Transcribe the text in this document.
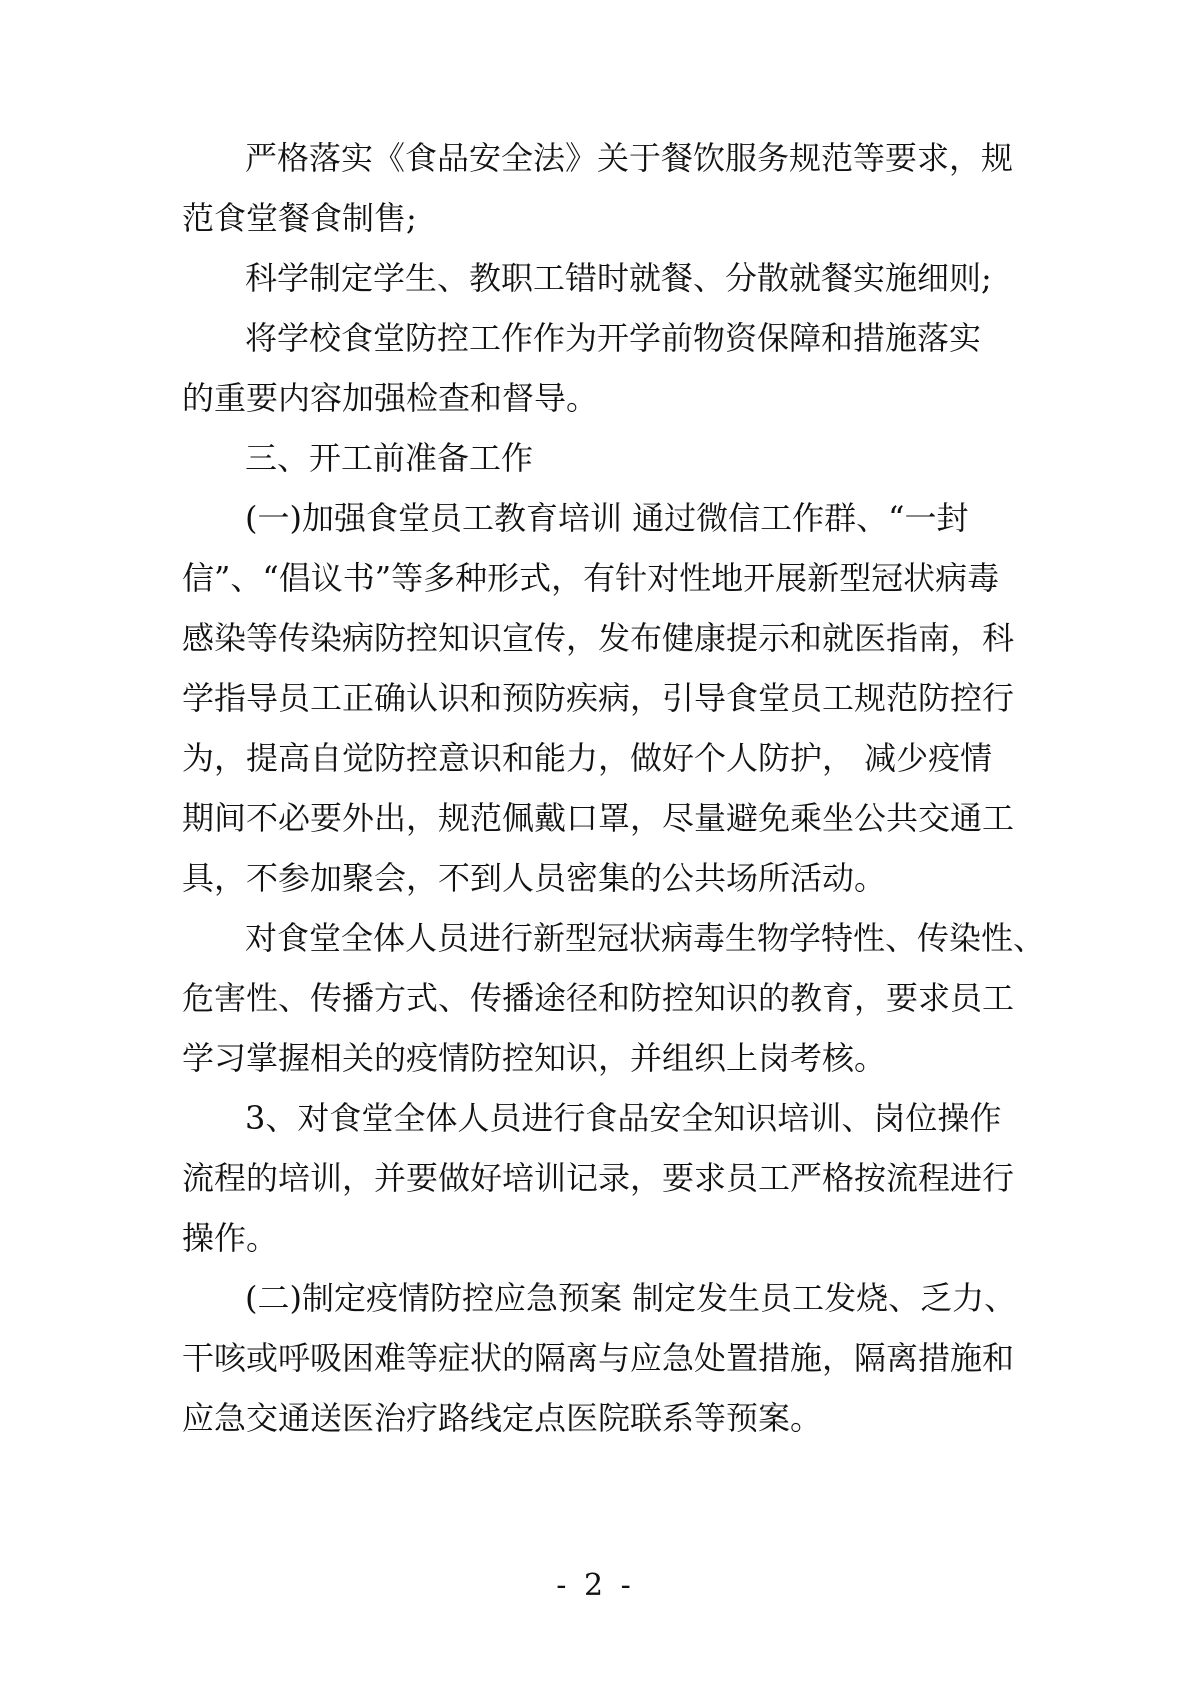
严格落实《食品安全法》关于餐饮服务规范等要求，规
范食堂餐食制售;
科学制定学生、教职工错时就餐、分散就餐实施细则;
将学校食堂防控工作作为开学前物资保障和措施落实
的重要内容加强检查和督导。
三、开工前准备工作
(一)加强食堂员工教育培训 通过微信工作群、“一封
信”、“倡议书”等多种形式，有针对性地开展新型冠状病毒
感染等传染病防控知识宣传，发布健康提示和就医指南，科
学指导员工正确认识和预防疾病，引导食堂员工规范防控行
为，提高自觉防控意识和能力，做好个人防护， 减少疫情
期间不必要外出，规范佩戴口罩，尽量避免乘坐公共交通工
具，不参加聚会，不到人员密集的公共场所活动。
对食堂全体人员进行新型冠状病毒生物学特性、传染性、
危害性、传播方式、传播途径和防控知识的教育，要求员工
学习掌握相关的疫情防控知识，并组织上岗考核。
3、对食堂全体人员进行食品安全知识培训、岗位操作
流程的培训，并要做好培训记录，要求员工严格按流程进行
操作。
(二)制定疫情防控应急预案 制定发生员工发烧、乏力、
干咳或呼吸困难等症状的隔离与应急处置措施，隔离措施和
应急交通送医治疗路线定点医院联系等预案。
- 2 -
